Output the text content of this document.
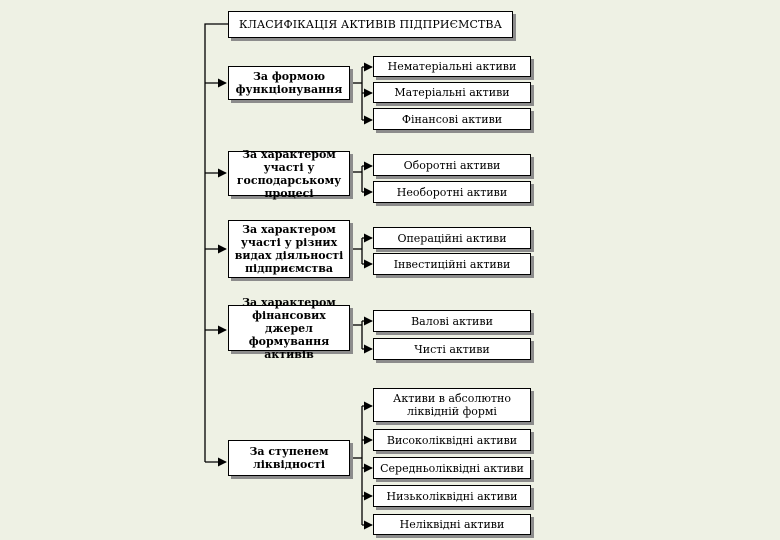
КЛАСИФІКАЦІЯ АКТИВІВ ПІДПРИЄМСТВА
За формою функціонування
Нематеріальні активи
Матеріальні активи
Фінансові активи
За характером участі у господарському процесі
Оборотні активи
Необоротні активи
За характером участі у різних видах діяльності підприємства
Операційні активи
Інвестиційні активи
За характером фінансових джерел формування активів
Валові активи
Чисті активи
За ступенем ліквідності
Активи в абсолютно ліквідній формі
Високоліквідні активи
Середньоліквідні активи
Низьколіквідні активи
Неліквідні активи
